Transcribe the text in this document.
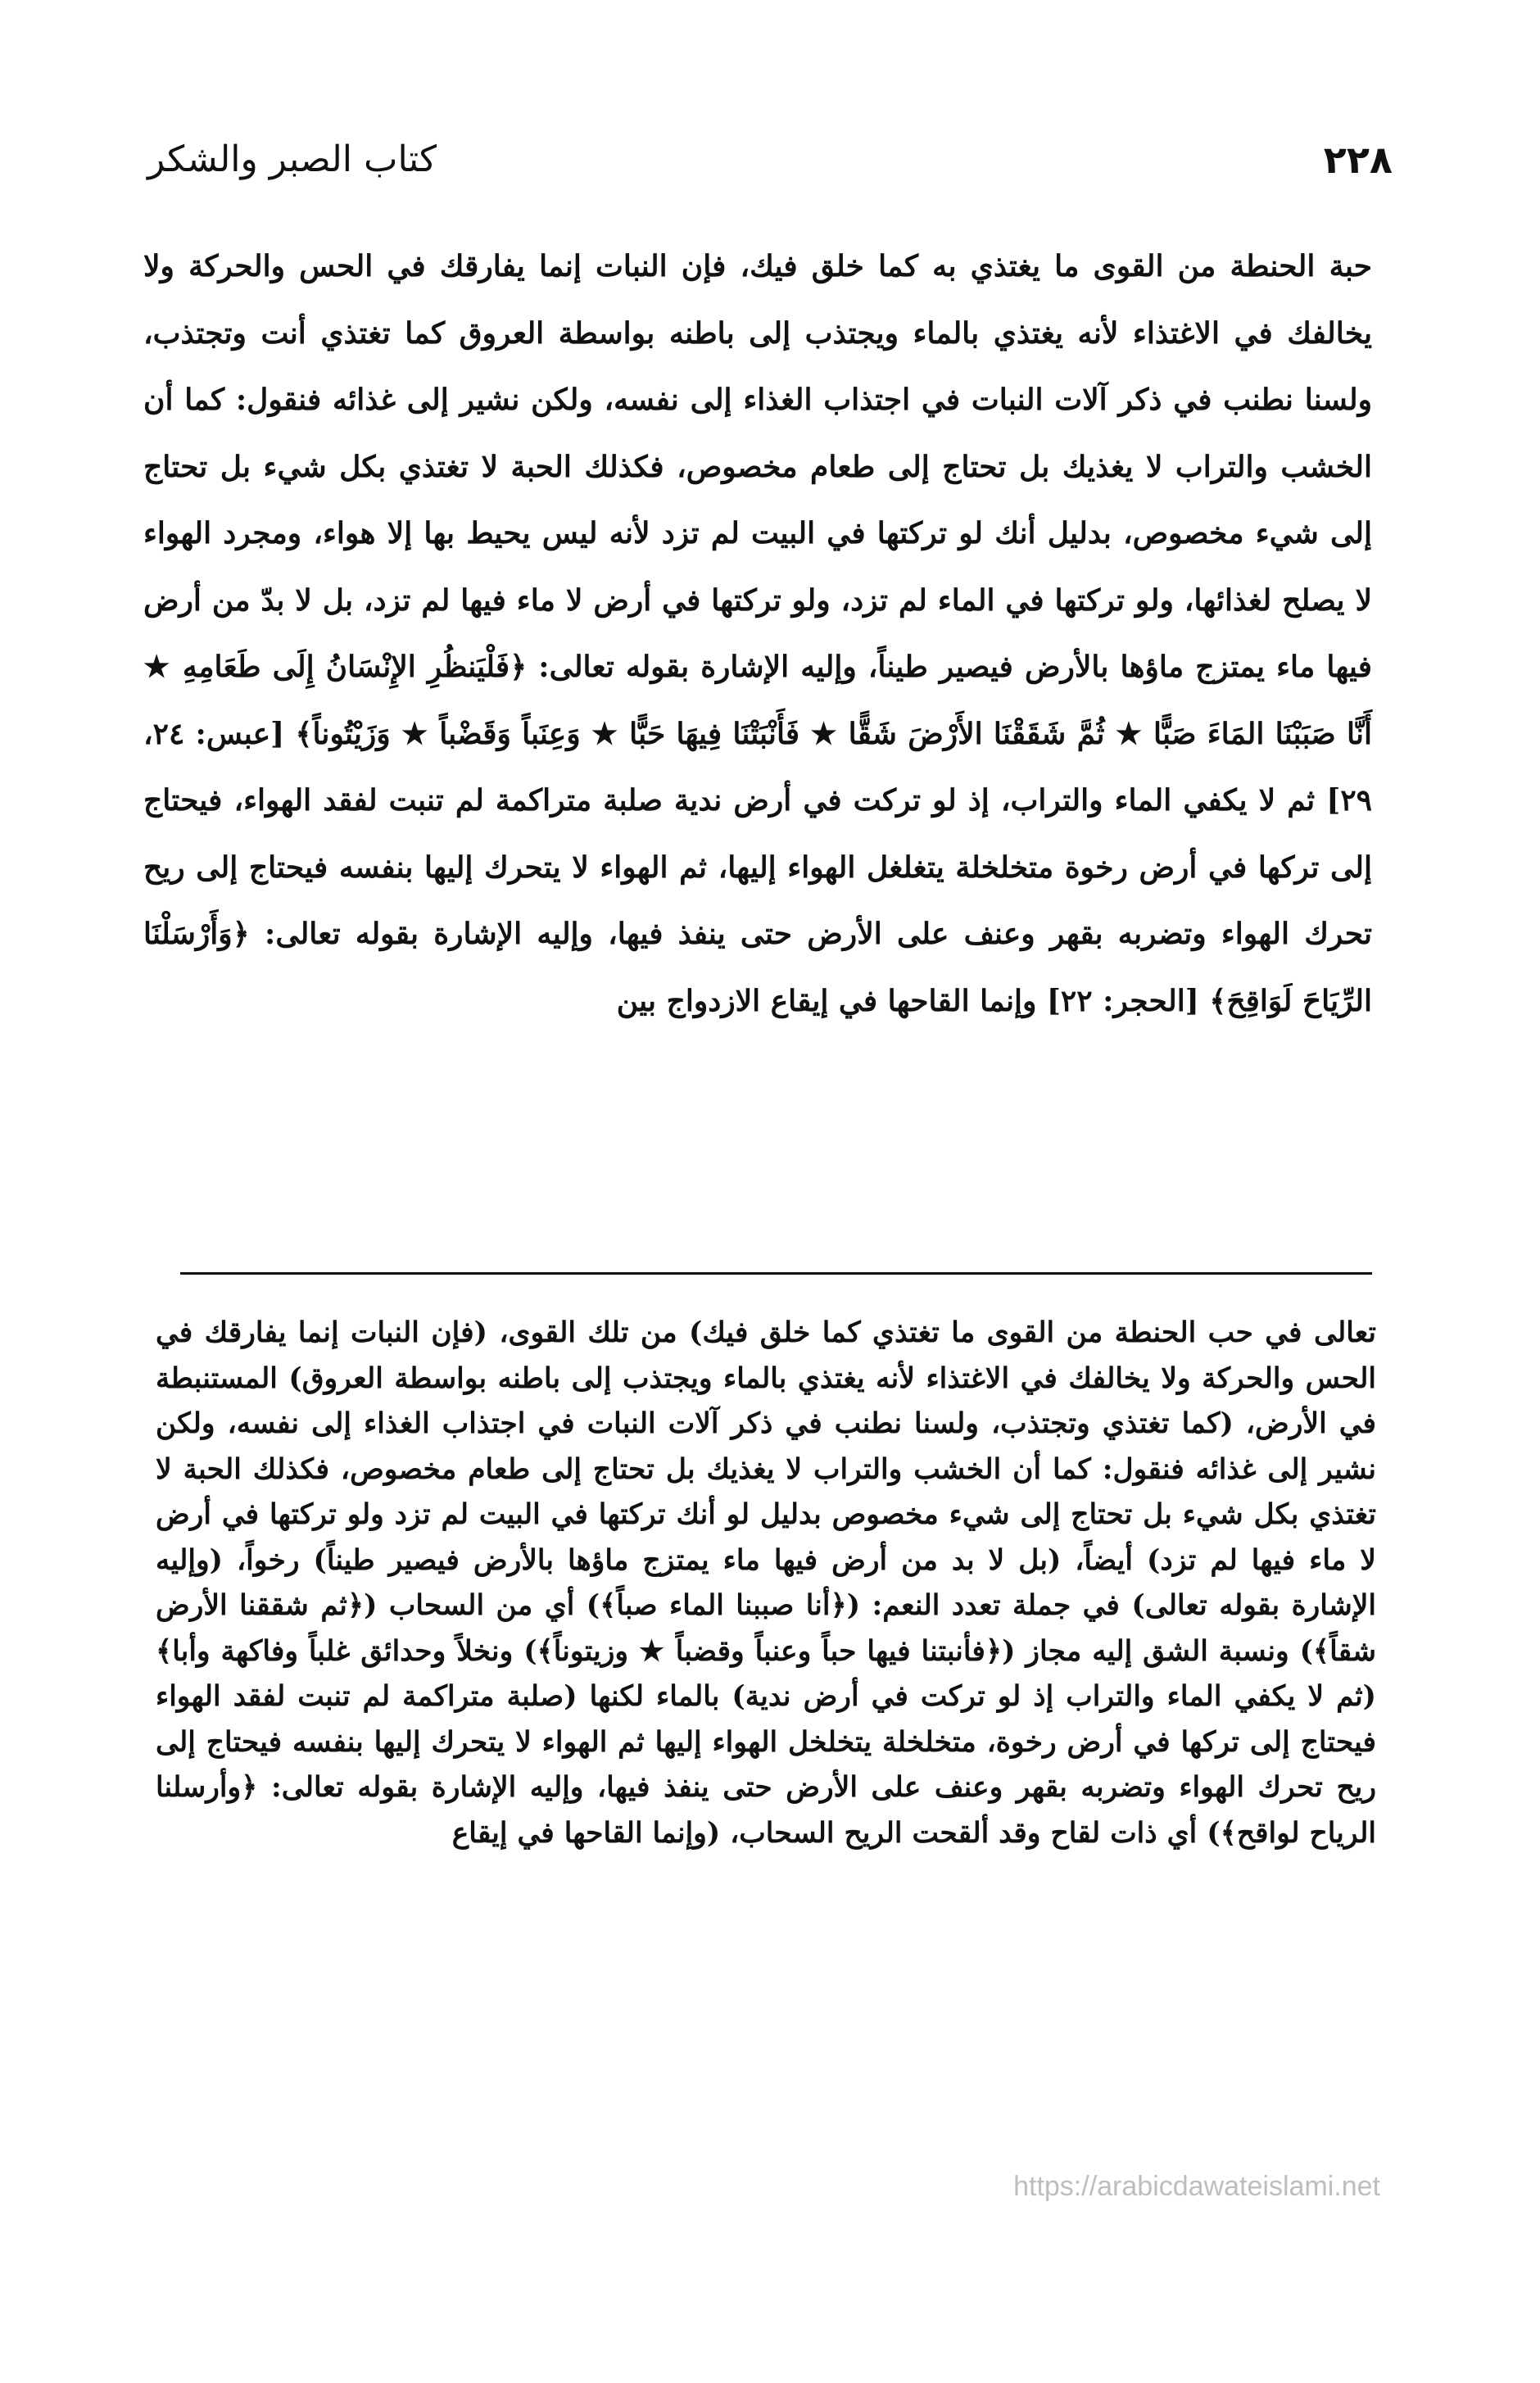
٢٢٨
كتاب الصبر والشكر

حبة الحنطة من القوى ما يغتذي به كما خلق فيك، فإن النبات إنما يفارقك في الحس والحركة ولا يخالفك في الاغتذاء لأنه يغتذي بالماء ويجتذب إلى باطنه بواسطة العروق كما تغتذي أنت وتجتذب، ولسنا نطنب في ذكر آلات النبات في اجتذاب الغذاء إلى نفسه، ولكن نشير إلى غذائه فنقول: كما أن الخشب والتراب لا يغذيك بل تحتاج إلى طعام مخصوص، فكذلك الحبة لا تغتذي بكل شيء بل تحتاج إلى شيء مخصوص، بدليل أنك لو تركتها في البيت لم تزد لأنه ليس يحيط بها إلا هواء، ومجرد الهواء لا يصلح لغذائها، ولو تركتها في الماء لم تزد، ولو تركتها في أرض لا ماء فيها لم تزد، بل لا بدّ من أرض فيها ماء يمتزج ماؤها بالأرض فيصير طيناً، وإليه الإشارة بقوله تعالى: ﴿فَلْيَنظُرِ الإِنْسَانُ إِلَى طَعَامِهِ ★ أَنَّا صَبَبْنَا المَاءَ صَبًّا ★ ثُمَّ شَقَقْنَا الأَرْضَ شَقًّا ★ فَأَنْبَتْنَا فِيهَا حَبًّا ★ وَعِنَباً وَقَضْباً ★ وَزَيْتُوناً﴾ [عبس: ٢٤، ٢٩] ثم لا يكفي الماء والتراب، إذ لو تركت في أرض ندية صلبة متراكمة لم تنبت لفقد الهواء، فيحتاج إلى تركها في أرض رخوة متخلخلة يتغلغل الهواء إليها، ثم الهواء لا يتحرك إليها بنفسه فيحتاج إلى ريح تحرك الهواء وتضربه بقهر وعنف على الأرض حتى ينفذ فيها، وإليه الإشارة بقوله تعالى: ﴿وَأَرْسَلْنَا الرِّيَاحَ لَوَاقِحَ﴾ [الحجر: ٢٢] وإنما القاحها في إيقاع الازدواج بين

تعالى في حب الحنطة من القوى ما تغتذي كما خلق فيك) من تلك القوى، (فإن النبات إنما يفارقك في الحس والحركة ولا يخالفك في الاغتذاء لأنه يغتذي بالماء ويجتذب إلى باطنه بواسطة العروق) المستنبطة في الأرض، (كما تغتذي وتجتذب، ولسنا نطنب في ذكر آلات النبات في اجتذاب الغذاء إلى نفسه، ولكن نشير إلى غذائه فنقول: كما أن الخشب والتراب لا يغذيك بل تحتاج إلى طعام مخصوص، فكذلك الحبة لا تغتذي بكل شيء بل تحتاج إلى شيء مخصوص بدليل لو أنك تركتها في البيت لم تزد ولو تركتها في أرض لا ماء فيها لم تزد) أيضاً، (بل لا بد من أرض فيها ماء يمتزج ماؤها بالأرض فيصير طيناً) رخواً، (وإليه الإشارة بقوله تعالى) في جملة تعدد النعم: (﴿أنا صببنا الماء صباً﴾) أي من السحاب (﴿ثم شققنا الأرض شقاً﴾) ونسبة الشق إليه مجاز (﴿فأنبتنا فيها حباً وعنباً وقضباً ★ وزيتوناً﴾) ونخلاً وحدائق غلباً وفاكهة وأبا﴾ (ثم لا يكفي الماء والتراب إذ لو تركت في أرض ندية) بالماء لكنها (صلبة متراكمة لم تنبت لفقد الهواء فيحتاج إلى تركها في أرض رخوة، متخلخلة يتخلخل الهواء إليها ثم الهواء لا يتحرك إليها بنفسه فيحتاج إلى ريح تحرك الهواء وتضربه بقهر وعنف على الأرض حتى ينفذ فيها، وإليه الإشارة بقوله تعالى: ﴿وأرسلنا الرياح لواقح﴾) أي ذات لقاح وقد ألقحت الريح السحاب، (وإنما القاحها في إيقاع

https://arabicdawateislami.net
